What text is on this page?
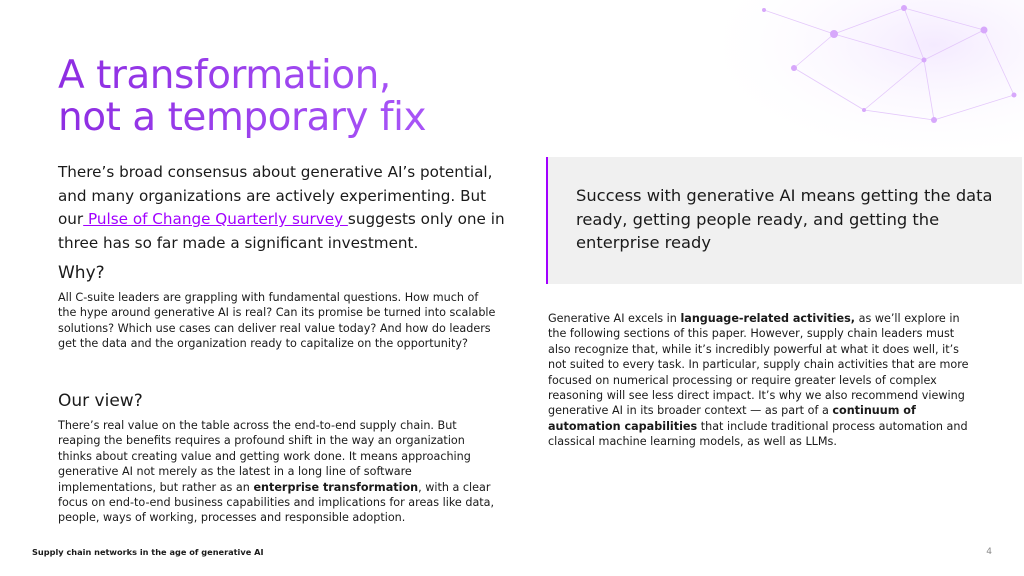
A transformation,
not a temporary fix

There’s broad consensus about generative AI’s potential, and many organizations are actively experimenting. But our Pulse of Change Quarterly survey suggests only one in three has so far made a significant investment.

Why?

All C-suite leaders are grappling with fundamental questions. How much of the hype around generative AI is real? Can its promise be turned into scalable solutions? Which use cases can deliver real value today? And how do leaders get the data and the organization ready to capitalize on the opportunity?

Our view?

There’s real value on the table across the end-to-end supply chain. But reaping the benefits requires a profound shift in the way an organization thinks about creating value and getting work done. It means approaching generative AI not merely as the latest in a long line of software implementations, but rather as an enterprise transformation, with a clear focus on end-to-end business capabilities and implications for areas like data, people, ways of working, processes and responsible adoption.

Success with generative AI means getting the data ready, getting people ready, and getting the enterprise ready

Generative AI excels in language-related activities, as we’ll explore in the following sections of this paper. However, supply chain leaders must also recognize that, while it’s incredibly powerful at what it does well, it’s not suited to every task. In particular, supply chain activities that are more focused on numerical processing or require greater levels of complex reasoning will see less direct impact. It’s why we also recommend viewing generative AI in its broader context — as part of a continuum of automation capabilities that include traditional process automation and classical machine learning models, as well as LLMs.

Supply chain networks in the age of generative AI	4
